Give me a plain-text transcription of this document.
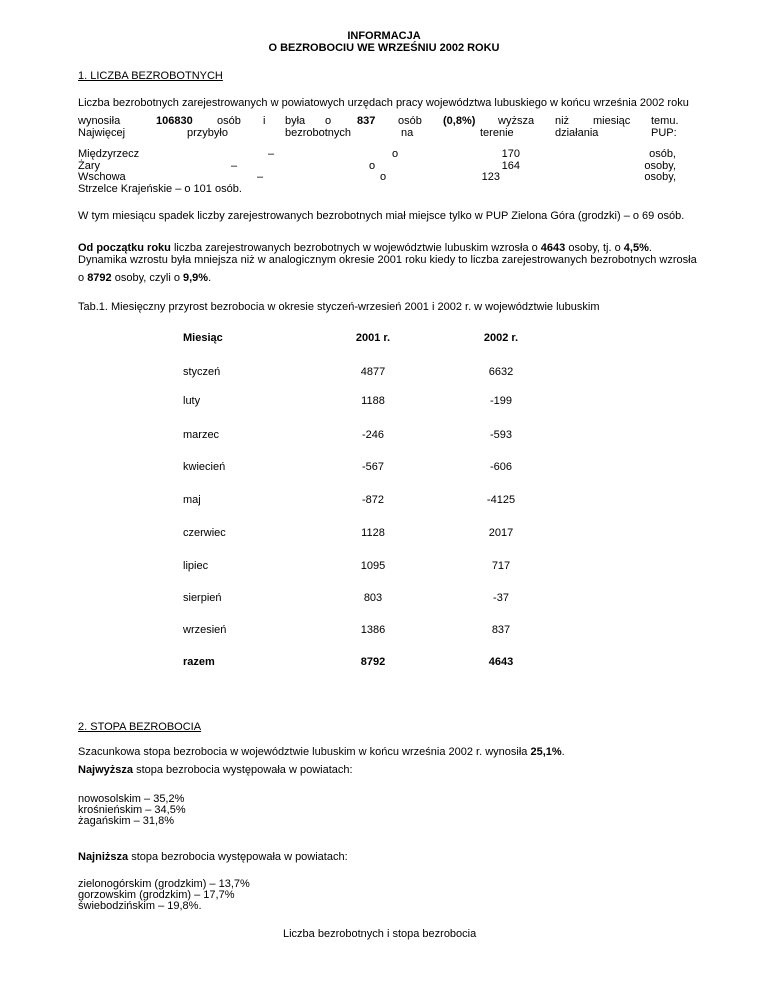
INFORMACJA
O BEZROBOCIU WE WRZEŚNIU 2002 ROKU
1. LICZBA BEZROBOTNYCH
Liczba bezrobotnych zarejestrowanych w powiatowych urzędach pracy województwa lubuskiego w końcu września 2002 roku
wynosiła	106830 osób i była o 837 osób (0,8%) wyższa niż miesiąc temu.
Najwięcej	przybyło	bezrobotnych	na	terenie	działania	PUP:
Międzyrzecz	–	o	170	osób,
Żary	–	o	164	osoby,
Wschowa	–	o	123	osoby,
Strzelce Krajeńskie – o 101 osób.
W tym miesiącu spadek liczby zarejestrowanych bezrobotnych miał miejsce tylko w PUP Zielona Góra (grodzki) – o 69 osób.
Od początku roku liczba zarejestrowanych bezrobotnych w województwie lubuskim wzrosła o 4643 osoby, tj. o 4,5%.
Dynamika wzrostu była mniejsza niż w analogicznym okresie 2001 roku kiedy to liczba zarejestrowanych bezrobotnych wzrosła
o 8792 osoby, czyli o 9,9%.
Tab.1. Miesięczny przyrost bezrobocia w okresie styczeń-wrzesień 2001 i 2002 r. w województwie lubuskim
Miesiąc	2001 r.	2002 r.
styczeń	4877	6632
luty	1188	-199
marzec	-246	-593
kwiecień	-567	-606
maj	-872	-4125
czerwiec	1128	2017
lipiec	1095	717
sierpień	803	-37
wrzesień	1386	837
razem	8792	4643
2. STOPA BEZROBOCIA
Szacunkowa stopa bezrobocia w województwie lubuskim w końcu września 2002 r. wynosiła 25,1%.
Najwyższa stopa bezrobocia występowała w powiatach:
nowosolskim – 35,2%
krośnieńskim – 34,5%
żagańskim – 31,8%
Najniższa stopa bezrobocia występowała w powiatach:
zielonogórskim (grodzkim) – 13,7%
gorzowskim (grodzkim) – 17,7%
świebodzińskim – 19,8%.
Liczba bezrobotnych i stopa bezrobocia
